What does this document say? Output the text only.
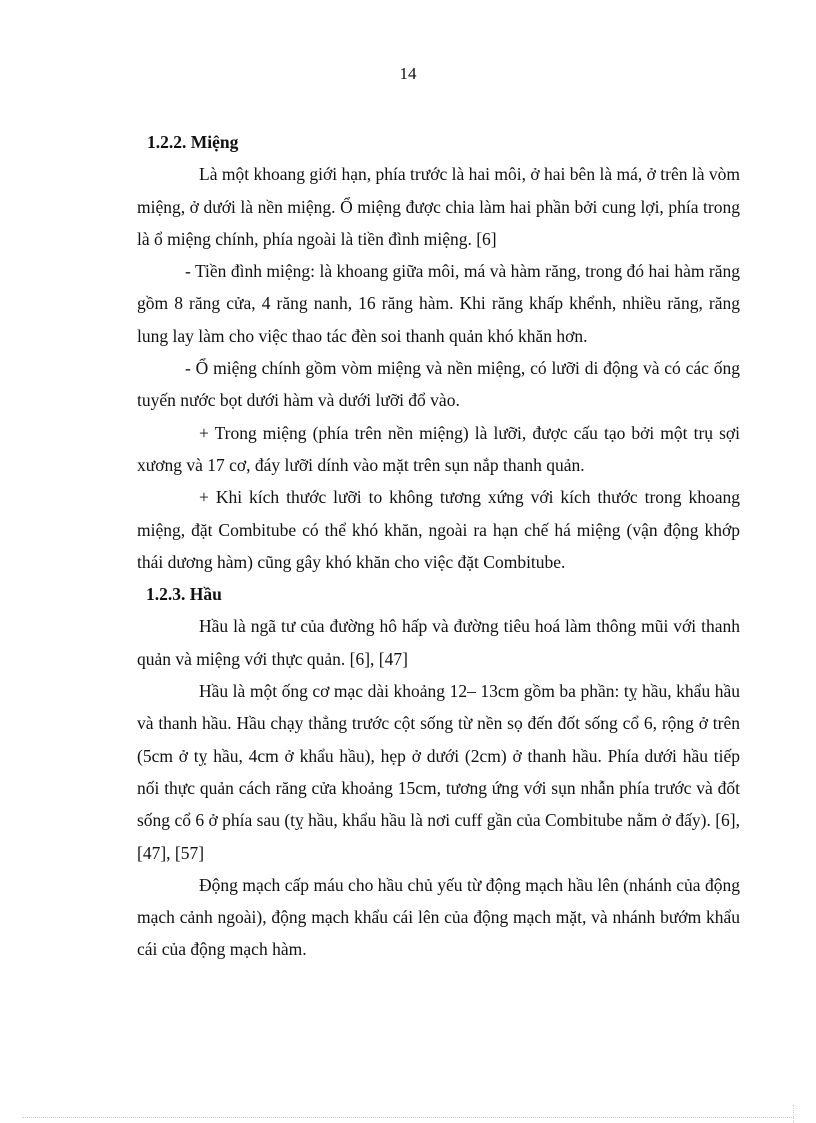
14
1.2.2. Miệng

Là một khoang giới hạn, phía trước là hai môi, ở hai bên là má, ở trên là vòm miệng, ở dưới là nền miệng. Ổ miệng được chia làm hai phần bởi cung lợi, phía trong là ổ miệng chính, phía ngoài là tiền đình miệng. [6]

- Tiền đình miệng: là khoang giữa môi, má và hàm răng, trong đó hai hàm răng gồm 8 răng cửa, 4 răng nanh, 16 răng hàm. Khi răng khấp khểnh, nhiều răng, răng lung lay làm cho việc thao tác đèn soi thanh quản khó khăn hơn.

- Ổ miệng chính gồm vòm miệng và nền miệng, có lưỡi di động và có các ống tuyến nước bọt dưới hàm và dưới lưỡi đổ vào.

+ Trong miệng (phía trên nền miệng) là lưỡi, được cấu tạo bởi một trụ sợi xương và 17 cơ, đáy lưỡi dính vào mặt trên sụn nắp thanh quản.

+ Khi kích thước lưỡi to không tương xứng với kích thước trong khoang miệng, đặt Combitube có thể khó khăn, ngoài ra hạn chế há miệng (vận động khớp thái dương hàm) cũng gây khó khăn cho việc đặt Combitube.

1.2.3. Hầu

Hầu là ngã tư của đường hô hấp và đường tiêu hoá làm thông mũi với thanh quản và miệng với thực quản. [6], [47]

Hầu là một ống cơ mạc dài khoảng 12– 13cm gồm ba phần: tỵ hầu, khẩu hầu và thanh hầu. Hầu chạy thẳng trước cột sống từ nền sọ đến đốt sống cổ 6, rộng ở trên (5cm ở tỵ hầu, 4cm ở khẩu hầu), hẹp ở dưới (2cm) ở thanh hầu. Phía dưới hầu tiếp nối thực quản cách răng cửa khoảng 15cm, tương ứng với sụn nhẫn phía trước và đốt sống cổ 6 ở phía sau (tỵ hầu, khẩu hầu là nơi cuff gần của Combitube nằm ở đấy). [6], [47], [57]

Động mạch cấp máu cho hầu chủ yếu từ động mạch hầu lên (nhánh của động mạch cảnh ngoài), động mạch khẩu cái lên của động mạch mặt, và nhánh bướm khẩu cái của động mạch hàm.
